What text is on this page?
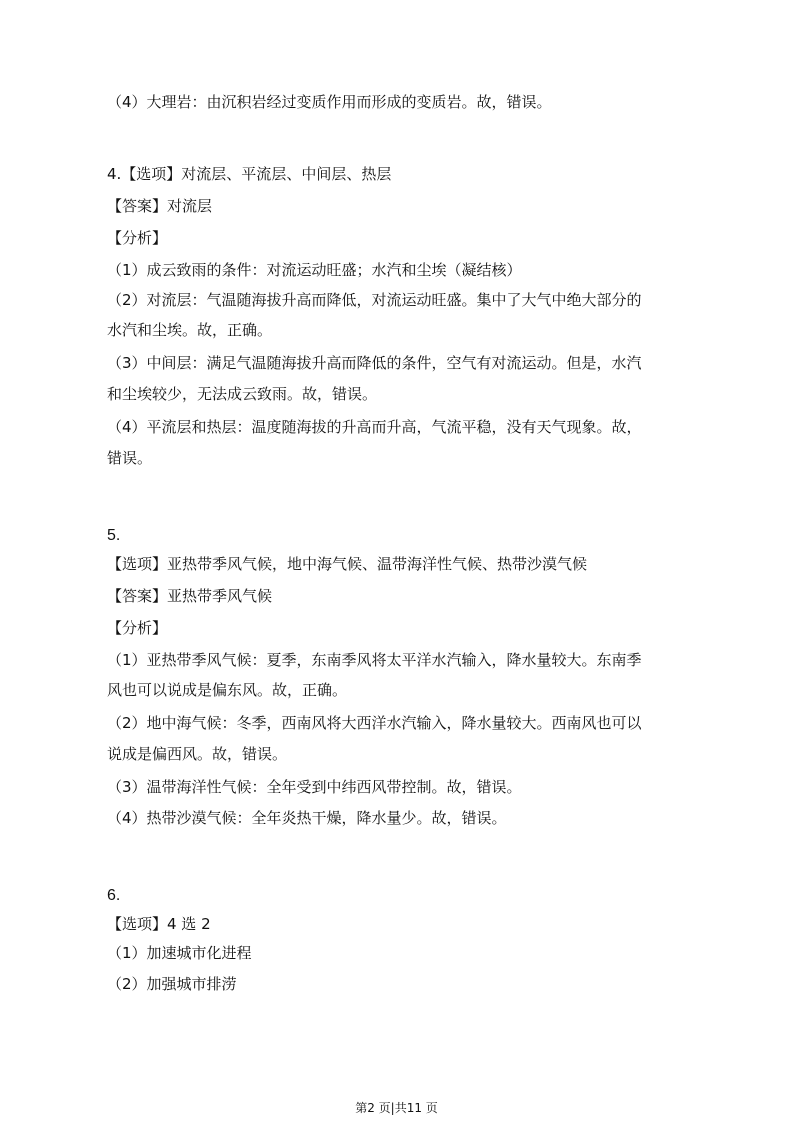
（4）大理岩：由沉积岩经过变质作用而形成的变质岩。故，错误。
4.【选项】对流层、平流层、中间层、热层
【答案】对流层
【分析】
（1）成云致雨的条件：对流运动旺盛；水汽和尘埃（凝结核）
（2）对流层：气温随海拔升高而降低，对流运动旺盛。集中了大气中绝大部分的
水汽和尘埃。故，正确。
（3）中间层：满足气温随海拔升高而降低的条件，空气有对流运动。但是，水汽
和尘埃较少，无法成云致雨。故，错误。
（4）平流层和热层：温度随海拔的升高而升高，气流平稳，没有天气现象。故，
错误。
5.
【选项】亚热带季风气候，地中海气候、温带海洋性气候、热带沙漠气候
【答案】亚热带季风气候
【分析】
（1）亚热带季风气候：夏季，东南季风将太平洋水汽输入，降水量较大。东南季
风也可以说成是偏东风。故，正确。
（2）地中海气候：冬季，西南风将大西洋水汽输入，降水量较大。西南风也可以
说成是偏西风。故，错误。
（3）温带海洋性气候：全年受到中纬西风带控制。故，错误。
（4）热带沙漠气候：全年炎热干燥，降水量少。故，错误。
6.
【选项】4 选 2
（1）加速城市化进程
（2）加强城市排涝
第2 页|共11 页
